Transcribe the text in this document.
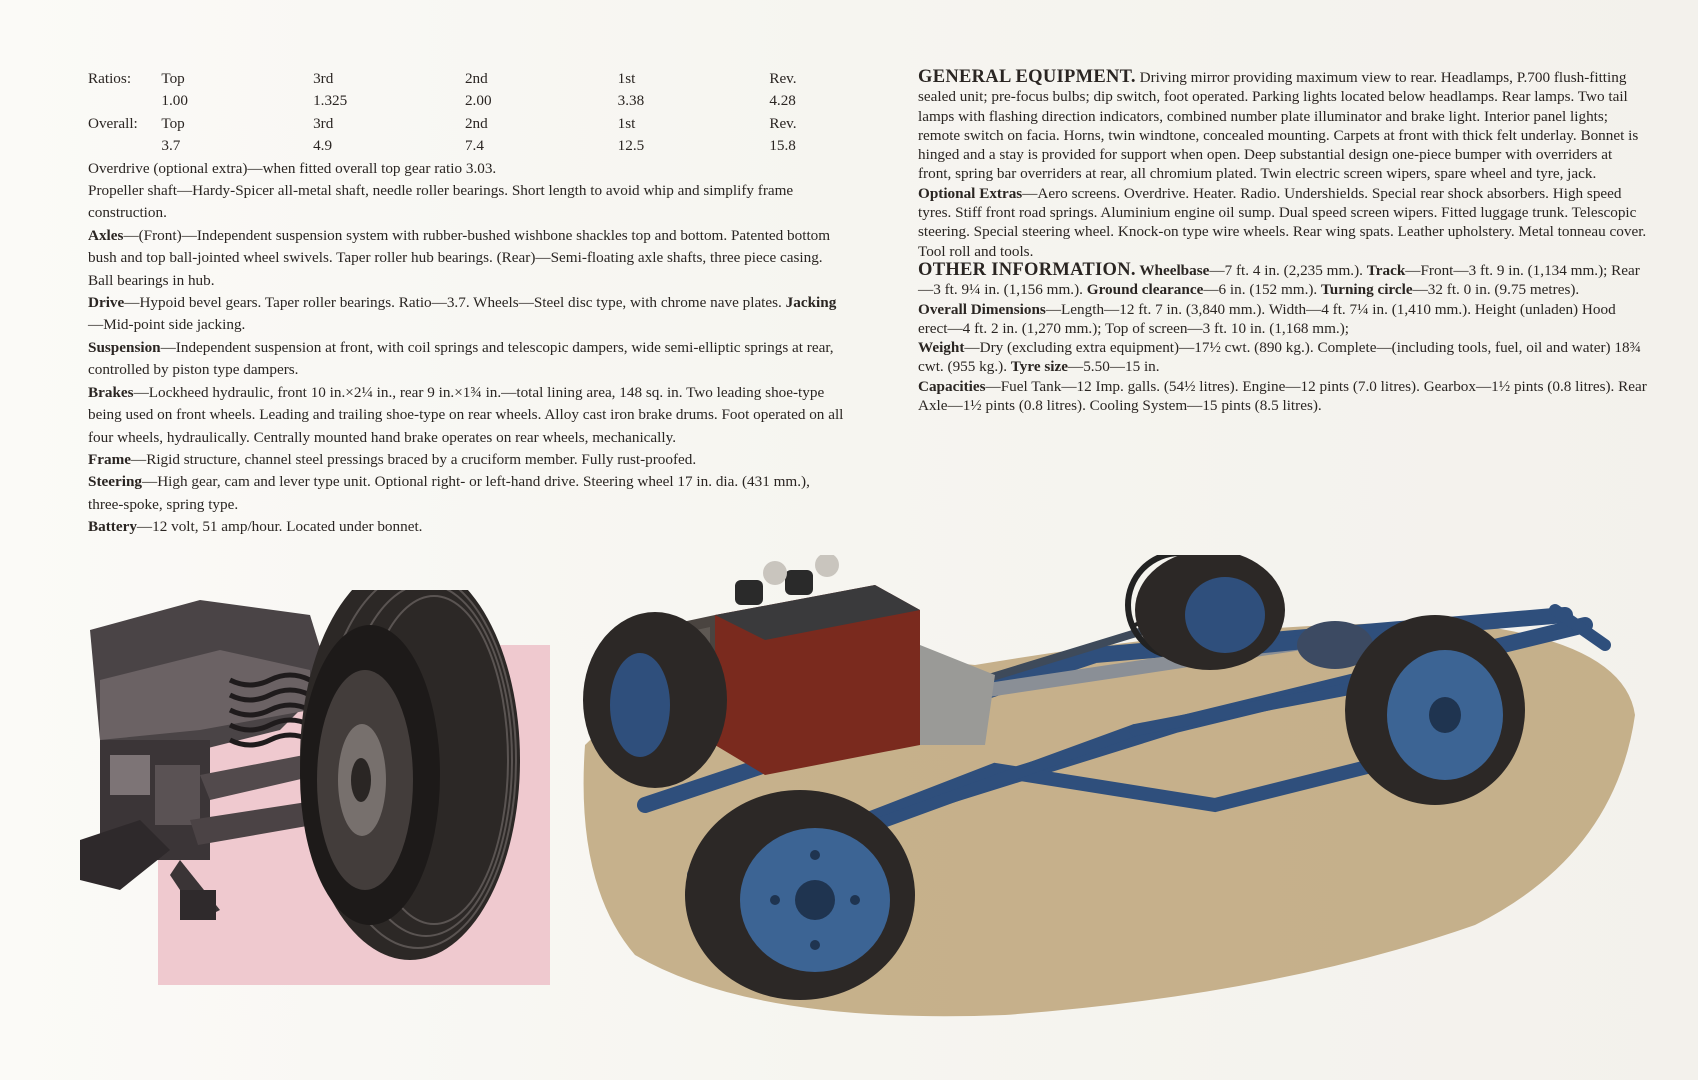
Ratios:	Top	3rd	2nd	1st	Rev.
	1.00	1.325	2.00	3.38	4.28
Overall:	Top	3rd	2nd	1st	Rev.
	3.7	4.9	7.4	12.5	15.8

Overdrive (optional extra)—when fitted overall top gear ratio 3.03.

Propeller shaft—Hardy-Spicer all-metal shaft, needle roller bearings. Short length to avoid whip and simplify frame construction.

Axles—(Front)—Independent suspension system with rubber-bushed wishbone shackles top and bottom. Patented bottom bush and top ball-jointed wheel swivels. Taper roller hub bearings. (Rear)—Semi-floating axle shafts, three piece casing. Ball bearings in hub.

Drive—Hypoid bevel gears. Taper roller bearings. Ratio—3.7. Wheels—Steel disc type, with chrome nave plates. Jacking—Mid-point side jacking.

Suspension—Independent suspension at front, with coil springs and telescopic dampers, wide semi-elliptic springs at rear, controlled by piston type dampers.

Brakes—Lockheed hydraulic, front 10 in.×2¼ in., rear 9 in.×1¾ in.—total lining area, 148 sq. in. Two leading shoe-type being used on front wheels. Leading and trailing shoe-type on rear wheels. Alloy cast iron brake drums. Foot operated on all four wheels, hydraulically. Centrally mounted hand brake operates on rear wheels, mechanically.

Frame—Rigid structure, channel steel pressings braced by a cruciform member. Fully rust-proofed.

Steering—High gear, cam and lever type unit. Optional right- or left-hand drive. Steering wheel 17 in. dia. (431 mm.), three-spoke, spring type.

Battery—12 volt, 51 amp/hour. Located under bonnet.

GENERAL EQUIPMENT. Driving mirror providing maximum view to rear. Headlamps, P.700 flush-fitting sealed unit; pre-focus bulbs; dip switch, foot operated. Parking lights located below headlamps. Rear lamps. Two tail lamps with flashing direction indicators, combined number plate illuminator and brake light. Interior panel lights; remote switch on facia. Horns, twin windtone, concealed mounting. Carpets at front with thick felt underlay. Bonnet is hinged and a stay is provided for support when open. Deep substantial design one-piece bumper with overriders at front, spring bar overriders at rear, all chromium plated. Twin electric screen wipers, spare wheel and tyre, jack.

Optional Extras—Aero screens. Overdrive. Heater. Radio. Undershields. Special rear shock absorbers. High speed tyres. Stiff front road springs. Aluminium engine oil sump. Dual speed screen wipers. Fitted luggage trunk. Telescopic steering. Special steering wheel. Knock-on type wire wheels. Rear wing spats. Leather upholstery. Metal tonneau cover. Tool roll and tools.

OTHER INFORMATION. Wheelbase—7 ft. 4 in. (2,235 mm.). Track—Front—3 ft. 9 in. (1,134 mm.); Rear—3 ft. 9¼ in. (1,156 mm.). Ground clearance—6 in. (152 mm.). Turning circle—32 ft. 0 in. (9.75 metres).

Overall Dimensions—Length—12 ft. 7 in. (3,840 mm.). Width—4 ft. 7¼ in. (1,410 mm.). Height (unladen) Hood erect—4 ft. 2 in. (1,270 mm.); Top of screen—3 ft. 10 in. (1,168 mm.);

Weight—Dry (excluding extra equipment)—17½ cwt. (890 kg.). Complete—(including tools, fuel, oil and water) 18¾ cwt. (955 kg.). Tyre size—5.50—15 in.

Capacities—Fuel Tank—12 Imp. galls. (54½ litres). Engine—12 pints (7.0 litres). Gearbox—1½ pints (0.8 litres). Rear Axle—1½ pints (0.8 litres). Cooling System—15 pints (8.5 litres).
